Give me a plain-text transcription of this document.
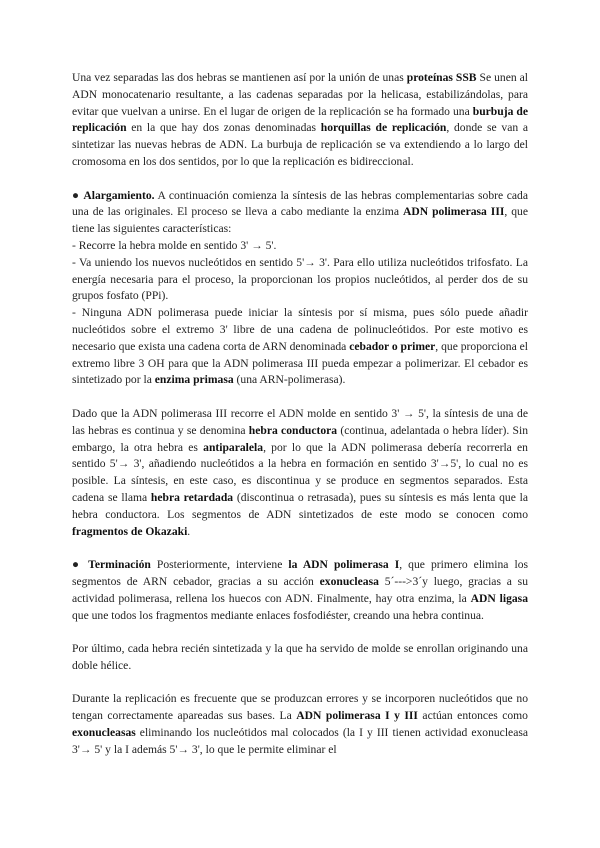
Una vez separadas las dos hebras se mantienen así por la unión de unas proteínas SSB Se unen al ADN monocatenario resultante, a las cadenas separadas por la helicasa, estabilizándolas, para evitar que vuelvan a unirse. En el lugar de origen de la replicación se ha formado una burbuja de replicación en la que hay dos zonas denominadas horquillas de replicación, donde se van a sintetizar las nuevas hebras de ADN. La burbuja de replicación se va extendiendo a lo largo del cromosoma en los dos sentidos, por lo que la replicación es bidireccional.

● Alargamiento. A continuación comienza la síntesis de las hebras complementarias sobre cada una de las originales. El proceso se lleva a cabo mediante la enzima ADN polimerasa III, que tiene las siguientes características:
- Recorre la hebra molde en sentido 3' → 5'.
- Va uniendo los nuevos nucleótidos en sentido 5'→ 3'. Para ello utiliza nucleótidos trifosfato. La energía necesaria para el proceso, la proporcionan los propios nucleótidos, al perder dos de su grupos fosfato (PPi).
- Ninguna ADN polimerasa puede iniciar la síntesis por sí misma, pues sólo puede añadir nucleótidos sobre el extremo 3' libre de una cadena de polinucleótidos. Por este motivo es necesario que exista una cadena corta de ARN denominada cebador o primer, que proporciona el extremo libre 3 OH para que la ADN polimerasa III pueda empezar a polimerizar. El cebador es sintetizado por la enzima primasa (una ARN-polimerasa).

Dado que la ADN polimerasa III recorre el ADN molde en sentido 3' → 5', la síntesis de una de las hebras es continua y se denomina hebra conductora (continua, adelantada o hebra líder). Sin embargo, la otra hebra es antiparalela, por lo que la ADN polimerasa debería recorrerla en sentido 5'→ 3', añadiendo nucleótidos a la hebra en formación en sentido 3'→5', lo cual no es posible. La síntesis, en este caso, es discontinua y se produce en segmentos separados. Esta cadena se llama hebra retardada (discontinua o retrasada), pues su síntesis es más lenta que la hebra conductora. Los segmentos de ADN sintetizados de este modo se conocen como fragmentos de Okazaki.

● Terminación Posteriormente, interviene la ADN polimerasa I, que primero elimina los segmentos de ARN cebador, gracias a su acción exonucleasa 5´--->3´y luego, gracias a su actividad polimerasa, rellena los huecos con ADN. Finalmente, hay otra enzima, la ADN ligasa que une todos los fragmentos mediante enlaces fosfodiéster, creando una hebra continua.

Por último, cada hebra recién sintetizada y la que ha servido de molde se enrollan originando una doble hélice.

Durante la replicación es frecuente que se produzcan errores y se incorporen nucleótidos que no tengan correctamente apareadas sus bases. La ADN polimerasa I y III actúan entonces como exonucleasas eliminando los nucleótidos mal colocados (la I y III tienen actividad exonucleasa 3'→ 5' y la I además 5'→ 3', lo que le permite eliminar el
